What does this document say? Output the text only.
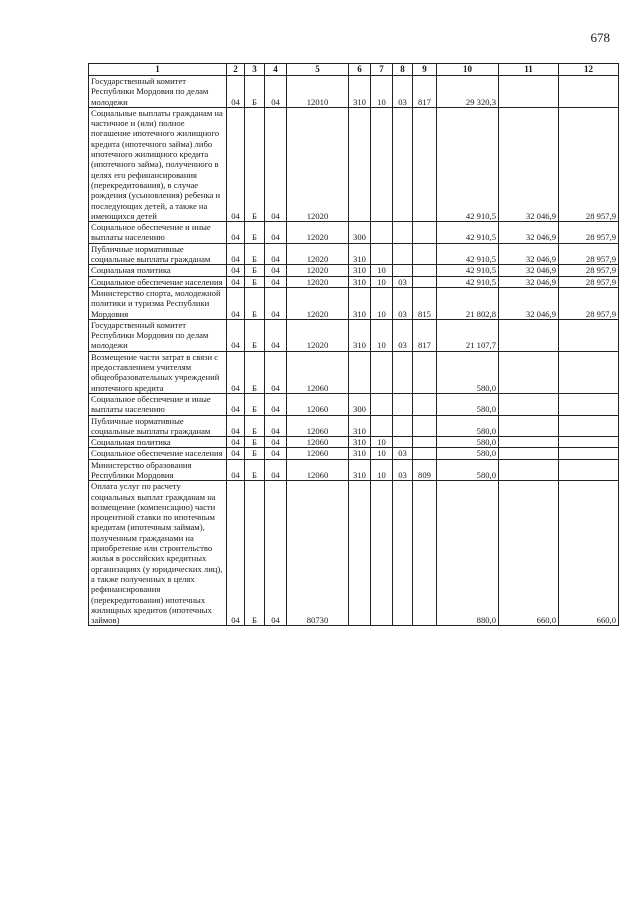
678
1	2	3	4	5	6	7	8	9	10	11	12
Государственный комитет Республики Мордовия по делам молодежи	04	Б	04	12010	310	10	03	817	29 320,3		
Социальные выплаты гражданам на частичное и (или) полное погашение ипотечного жилищного кредита (ипотечного займа) либо ипотечного жилищного кредита (ипотечного займа), полученного в целях его рефинансирования (перекредитования), в случае рождения (усыновления) ребенка и последующих детей, а также на имеющихся детей	04	Б	04	12020					42 910,5	32 046,9	28 957,9
Социальное обеспечение и иные выплаты населению	04	Б	04	12020	300				42 910,5	32 046,9	28 957,9
Публичные нормативные социальные выплаты гражданам	04	Б	04	12020	310				42 910,5	32 046,9	28 957,9
Социальная политика	04	Б	04	12020	310	10			42 910,5	32 046,9	28 957,9
Социальное обеспечение населения	04	Б	04	12020	310	10	03		42 910,5	32 046,9	28 957,9
Министерство спорта, молодежной политики и туризма Республики Мордовия	04	Б	04	12020	310	10	03	815	21 802,8	32 046,9	28 957,9
Государственный комитет Республики Мордовия по делам молодежи	04	Б	04	12020	310	10	03	817	21 107,7		
Возмещение части затрат в связи с предоставлением учителям общеобразовательных учреждений ипотечного кредита	04	Б	04	12060					580,0		
Социальное обеспечение и иные выплаты населению	04	Б	04	12060	300				580,0		
Публичные нормативные социальные выплаты гражданам	04	Б	04	12060	310				580,0		
Социальная политика	04	Б	04	12060	310	10			580,0		
Социальное обеспечение населения	04	Б	04	12060	310	10	03		580,0		
Министерство образования Республики Мордовия	04	Б	04	12060	310	10	03	809	580,0		
Оплата услуг по расчету социальных выплат гражданам на возмещение (компенсацию) части процентной ставки по ипотечным кредитам (ипотечным займам), полученным гражданами на приобретение или строительство жилья в российских кредитных организациях (у юридических лиц), а также полученных в целях рефинансирования (перекредитования) ипотечных жилищных кредитов (ипотечных займов)	04	Б	04	80730					880,0	660,0	660,0
